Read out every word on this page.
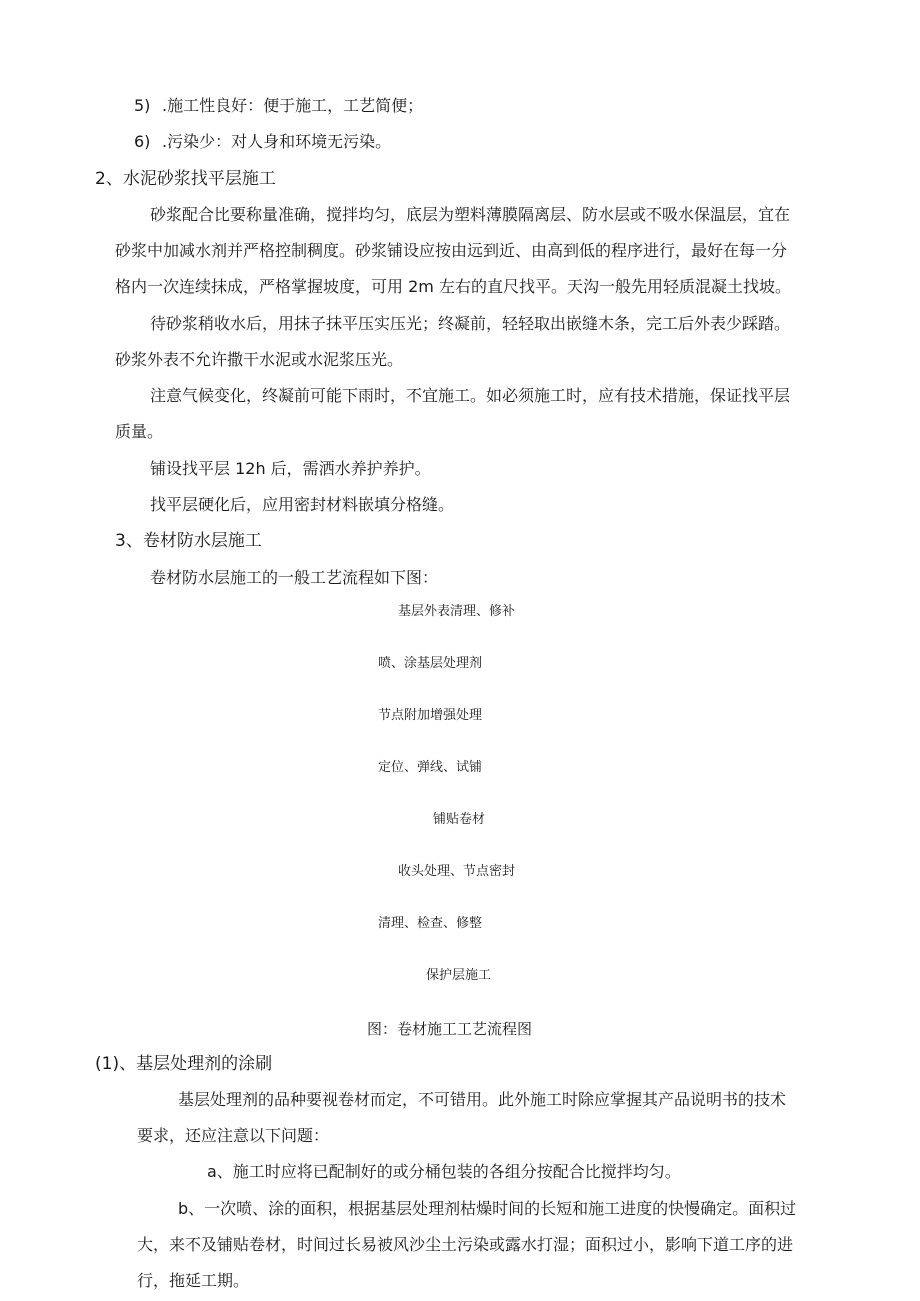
5) .施工性良好：便于施工，工艺简便；
6) .污染少：对人身和环境无污染。
2、水泥砂浆找平层施工
砂浆配合比要称量准确，搅拌均匀，底层为塑料薄膜隔离层、防水层或不吸水保温层，宜在
砂浆中加减水剂并严格控制稠度。砂浆铺设应按由远到近、由高到低的程序进行，最好在每一分
格内一次连续抹成，严格掌握坡度，可用 2m 左右的直尺找平。天沟一般先用轻质混凝土找坡。
待砂浆稍收水后，用抹子抹平压实压光；终凝前，轻轻取出嵌缝木条，完工后外表少踩踏。
砂浆外表不允许撒干水泥或水泥浆压光。
注意气候变化，终凝前可能下雨时，不宜施工。如必须施工时，应有技术措施，保证找平层
质量。
铺设找平层 12h 后，需洒水养护养护。
找平层硬化后，应用密封材料嵌填分格缝。
3、卷材防水层施工
卷材防水层施工的一般工艺流程如下图：
基层外表清理、修补
喷、涂基层处理剂
节点附加增强处理
定位、弹线、试铺
铺贴卷材
收头处理、节点密封
清理、检查、修整
保护层施工
图：卷材施工工艺流程图
(1)、基层处理剂的涂刷
基层处理剂的品种要视卷材而定，不可错用。此外施工时除应掌握其产品说明书的技术
要求，还应注意以下问题：
a、施工时应将已配制好的或分桶包装的各组分按配合比搅拌均匀。
b、一次喷、涂的面积，根据基层处理剂枯燥时间的长短和施工进度的快慢确定。面积过
大，来不及铺贴卷材，时间过长易被风沙尘土污染或露水打湿；面积过小，影响下道工序的进
行，拖延工期。
